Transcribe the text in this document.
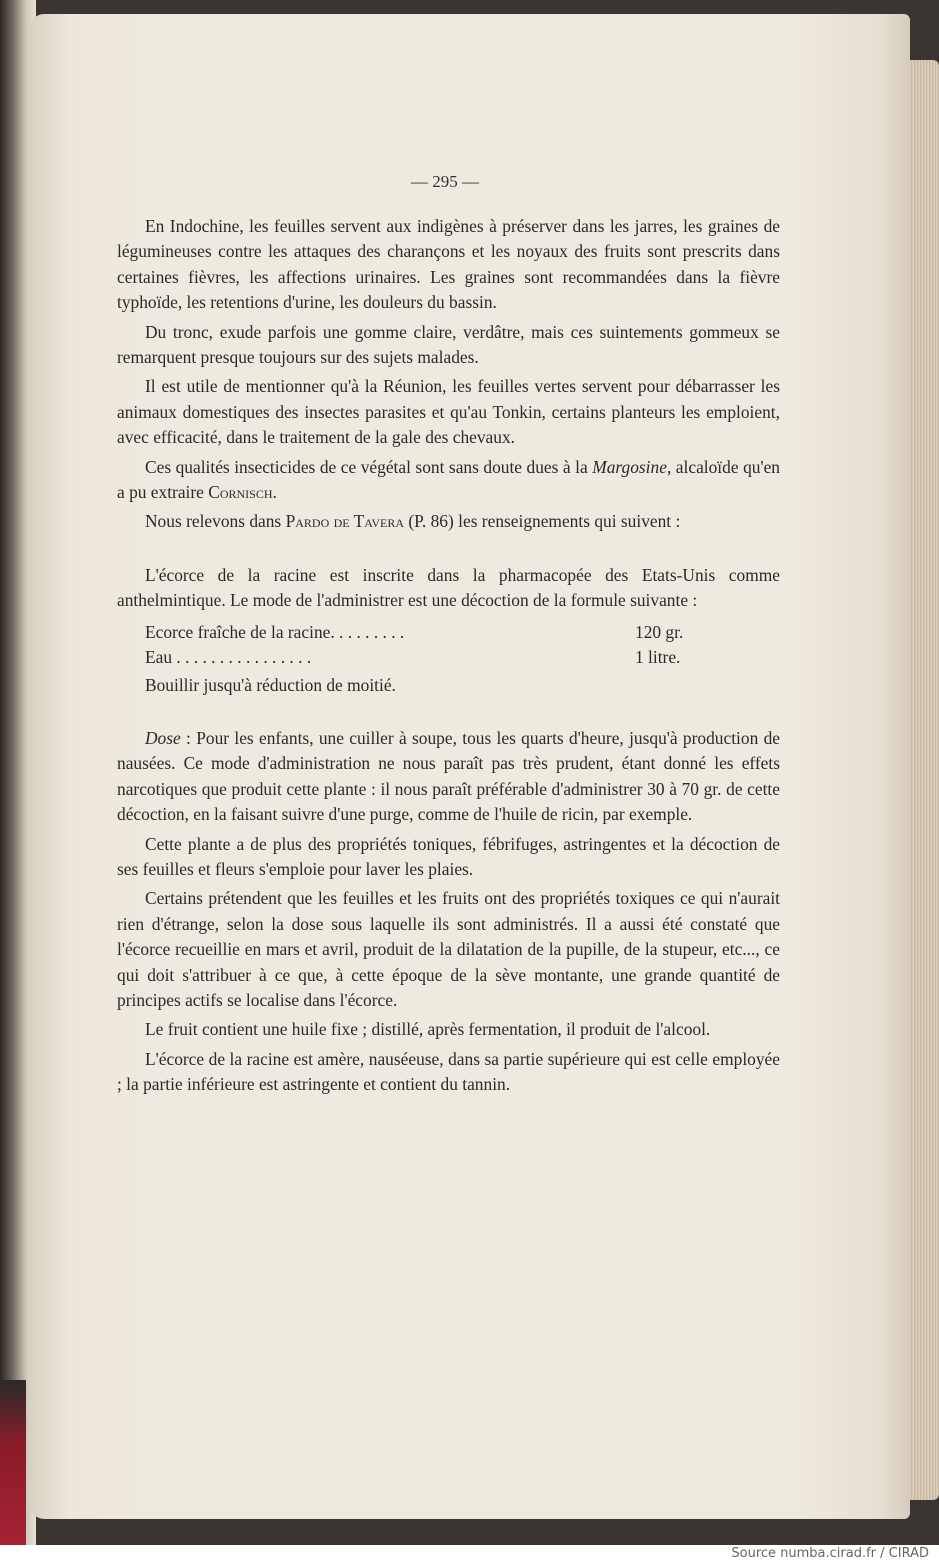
— 295 —

En Indochine, les feuilles servent aux indigènes à préserver dans les jarres, les graines de légumineuses contre les attaques des charançons et les noyaux des fruits sont prescrits dans certaines fièvres, les affections urinaires. Les graines sont recommandées dans la fièvre typhoïde, les retentions d'urine, les douleurs du bassin.

Du tronc, exude parfois une gomme claire, verdâtre, mais ces suintements gommeux se remarquent presque toujours sur des sujets malades.

Il est utile de mentionner qu'à la Réunion, les feuilles vertes servent pour débarrasser les animaux domestiques des insectes parasites et qu'au Tonkin, certains planteurs les emploient, avec efficacité, dans le traitement de la gale des chevaux.

Ces qualités insecticides de ce végétal sont sans doute dues à la Margosine, alcaloïde qu'en a pu extraire Cornisch.

Nous relevons dans Pardo de Tavera (P. 86) les renseignements qui suivent :

L'écorce de la racine est inscrite dans la pharmacopée des Etats-Unis comme anthelmintique. Le mode de l'administrer est une décoction de la formule suivante :

Ecorce fraîche de la racine. . . . . . . . .	120 gr.
Eau . . . . . . . . . . . . . . . .	1 litre.

Bouillir jusqu'à réduction de moitié.

Dose : Pour les enfants, une cuiller à soupe, tous les quarts d'heure, jusqu'à production de nausées. Ce mode d'administration ne nous paraît pas très prudent, étant donné les effets narcotiques que produit cette plante : il nous paraît préférable d'administrer 30 à 70 gr. de cette décoction, en la faisant suivre d'une purge, comme de l'huile de ricin, par exemple.

Cette plante a de plus des propriétés toniques, fébrifuges, astringentes et la décoction de ses feuilles et fleurs s'emploie pour laver les plaies.

Certains prétendent que les feuilles et les fruits ont des propriétés toxiques ce qui n'aurait rien d'étrange, selon la dose sous laquelle ils sont administrés. Il a aussi été constaté que l'écorce recueillie en mars et avril, produit de la dilatation de la pupille, de la stupeur, etc..., ce qui doit s'attribuer à ce que, à cette époque de la sève montante, une grande quantité de principes actifs se localise dans l'écorce.

Le fruit contient une huile fixe ; distillé, après fermentation, il produit de l'alcool.

L'écorce de la racine est amère, nauséeuse, dans sa partie supérieure qui est celle employée ; la partie inférieure est astringente et contient du tannin.

Source numba.cirad.fr / CIRAD
